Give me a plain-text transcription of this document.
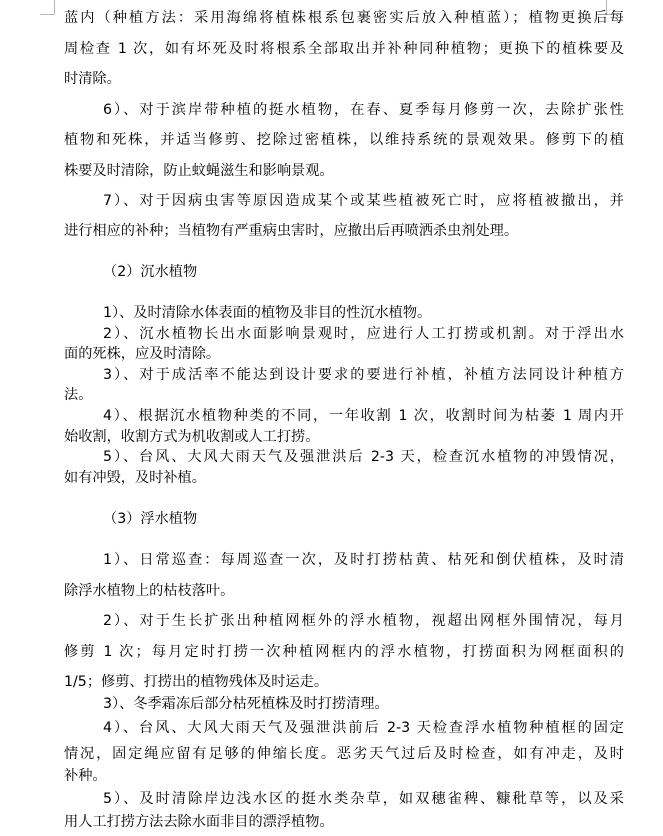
蓝内（种植方法：采用海绵将植株根系包裹密实后放入种植蓝）；植物更换后每
周检查 1 次，如有坏死及时将根系全部取出并补种同种植物；更换下的植株要及
时清除。
6）、对于滨岸带种植的挺水植物，在春、夏季每月修剪一次，去除扩张性
植物和死株，并适当修剪、挖除过密植株，以维持系统的景观效果。修剪下的植
株要及时清除，防止蚊蝇滋生和影响景观。
7）、对于因病虫害等原因造成某个或某些植被死亡时，应将植被撤出，并
进行相应的补种；当植物有严重病虫害时，应撤出后再喷洒杀虫剂处理。
（2）沉水植物
1）、及时清除水体表面的植物及非目的性沉水植物。
2）、沉水植物长出水面影响景观时，应进行人工打捞或机割。对于浮出水
面的死株，应及时清除。
3）、对于成活率不能达到设计要求的要进行补植，补植方法同设计种植方
法。
4）、根据沉水植物种类的不同，一年收割 1 次，收割时间为枯萎 1 周内开
始收割，收割方式为机收割或人工打捞。
5）、台风、大风大雨天气及强泄洪后 2-3 天，检查沉水植物的冲毁情况，
如有冲毁，及时补植。
（3）浮水植物
1）、日常巡查：每周巡查一次，及时打捞枯黄、枯死和倒伏植株，及时清
除浮水植物上的枯枝落叶。
2）、对于生长扩张出种植网框外的浮水植物，视超出网框外围情况，每月
修剪 1 次；每月定时打捞一次种植网框内的浮水植物，打捞面积为网框面积的
1/5；修剪、打捞出的植物残体及时运走。
3）、冬季霜冻后部分枯死植株及时打捞清理。
4）、台风、大风大雨天气及强泄洪前后 2-3 天检查浮水植物种植框的固定
情况，固定绳应留有足够的伸缩长度。恶劣天气过后及时检查，如有冲走，及时
补种。
5）、及时清除岸边浅水区的挺水类杂草，如双穗雀稗、糠秕草等，以及采
用人工打捞方法去除水面非目的漂浮植物。
